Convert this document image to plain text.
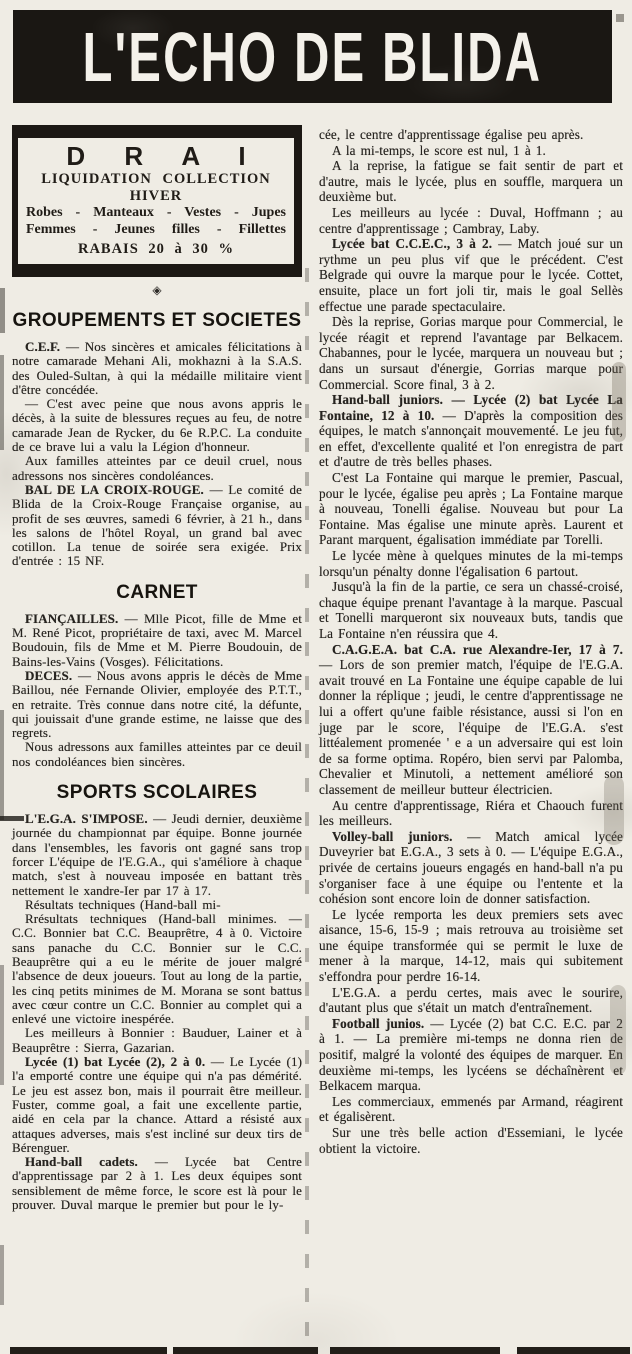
L'ECHO DE BLIDA
D R A I
LIQUIDATION COLLECTION HIVER
Robes - Manteaux - Vestes - Jupes
Femmes - Jeunes filles - Fillettes
RABAIS 20 à 30 %
◈
GROUPEMENTS ET SOCIETES

C.E.F. — Nos sincères et amicales félicitations à notre camarade Mehani Ali, mokhazni à la S.A.S. des Ouled-Sultan, à qui la médaille militaire vient d'être concédée.

— C'est avec peine que nous avons appris le décès, à la suite de blessures reçues au feu, de notre camarade Jean de Rycker, du 6e R.P.C. La conduite de ce brave lui a valu la Légion d'honneur.

Aux familles atteintes par ce deuil cruel, nous adressons nos sincères condoléances.

BAL DE LA CROIX-ROUGE. — Le comité de Blida de la Croix-Rouge Française organise, au profit de ses œuvres, samedi 6 février, à 21 h., dans les salons de l'hôtel Royal, un grand bal avec cotillon. La tenue de soirée sera exigée. Prix d'entrée : 15 NF.

CARNET

FIANÇAILLES. — Mlle Picot, fille de Mme et M. René Picot, propriétaire de taxi, avec M. Marcel Boudouin, fils de Mme et M. Pierre Boudouin, de Bains-les-Vains (Vosges). Félicitations.

DECES. — Nous avons appris le décès de Mme Baillou, née Fernande Olivier, employée des P.T.T., en retraite. Très connue dans notre cité, la défunte, qui jouissait d'une grande estime, ne laisse que des regrets.

Nous adressons aux familles atteintes par ce deuil nos condoléances bien sincères.

SPORTS SCOLAIRES

L'E.G.A. S'IMPOSE. — Jeudi dernier, deuxième journée du championnat par équipe. Bonne journée dans l'ensembles, les favoris ont gagné sans trop forcer L'équipe de l'E.G.A., qui s'améliore à chaque match, s'est à nouveau imposée en battant très nettement le xandre-Ier par 17 à 17.

Résultats techniques (Hand-ball mi-

Rrésultats techniques (Hand-ball minimes. — C.C. Bonnier bat C.C. Beauprêtre, 4 à 0. Victoire sans panache du C.C. Bonnier sur le C.C. Beauprêtre qui a eu le mérite de jouer malgré l'absence de deux joueurs. Tout au long de la partie, les cinq petits minimes de M. Morana se sont battus avec cœur contre un C.C. Bonnier au complet qui a enlevé une victoire inespérée.

Les meilleurs à Bonnier : Bauduer, Lainer et à Beauprêtre : Sierra, Gazarian.

Lycée (1) bat Lycée (2), 2 à 0. — Le Lycée (1) l'a emporté contre une équipe qui n'a pas démérité. Le jeu est assez bon, mais il pourrait être meilleur. Fuster, comme goal, a fait une excellente partie, aidé en cela par la chance. Attard a résisté aux attaques adverses, mais s'est incliné sur deux tirs de Bérenguer.

Hand-ball cadets. — Lycée bat Centre d'apprentissage par 2 à 1. Les deux équipes sont sensiblement de même force, le score est là pour le prouver. Duval marque le premier but pour le ly-

cée, le centre d'apprentissage égalise peu après.

A la mi-temps, le score est nul, 1 à 1.

A la reprise, la fatigue se fait sentir de part et d'autre, mais le lycée, plus en souffle, marquera un deuxième but.

Les meilleurs au lycée : Duval, Hoffmann ; au centre d'apprentissage ; Cambray, Laby.

Lycée bat C.C.E.C., 3 à 2. — Match joué sur un rythme un peu plus vif que le précédent. C'est Belgrade qui ouvre la marque pour le lycée. Cottet, ensuite, place un fort joli tir, mais le goal Sellès effectue une parade spectaculaire.

Dès la reprise, Gorias marque pour Commercial, le lycée réagit et reprend l'avantage par Belkacem. Chabannes, pour le lycée, marquera un nouveau but ; dans un sursaut d'énergie, Gorrias marque pour Commercial. Score final, 3 à 2.

Hand-ball juniors. — Lycée (2) bat Lycée La Fontaine, 12 à 10. — D'après la composition des équipes, le match s'annonçait mouvementé. Le jeu fut, en effet, d'excellente qualité et l'on enregistra de part et d'autre de très belles phases.

C'est La Fontaine qui marque le premier, Pascual, pour le lycée, égalise peu après ; La Fontaine marque à nouveau, Tonelli égalise. Nouveau but pour La Fontaine. Mas égalise une minute après. Laurent et Parant marquent, égalisation immédiate par Torelli.

Le lycée mène à quelques minutes de la mi-temps lorsqu'un pénalty donne l'égalisation 6 partout.

Jusqu'à la fin de la partie, ce sera un chassé-croisé, chaque équipe prenant l'avantage à la marque. Pascual et Tonelli marqueront six nouveaux buts, tandis que La Fontaine n'en réussira que 4.

C.A.G.E.A. bat C.A. rue Alexandre-Ier, 17 à 7. — Lors de son premier match, l'équipe de l'E.G.A. avait trouvé en La Fontaine une équipe capable de lui donner la réplique ; jeudi, le centre d'apprentissage ne lui a offert qu'une faible résistance, aussi si l'on en juge par le score, l'équipe de l'E.G.A. s'est littéalement promenée ' e a un adversaire qui est loin de sa forme optima. Ropéro, bien servi par Palomba, Chevalier et Minutoli, a nettement amélioré son classement de meilleur butteur électricien.

Au centre d'apprentissage, Riéra et Chaouch furent les meilleurs.

Volley-ball juniors. — Match amical lycée Duveyrier bat E.G.A., 3 sets à 0. — L'équipe E.G.A., privée de certains joueurs engagés en hand-ball n'a pu s'organiser face à une équipe ou l'entente et la cohésion sont encore loin de donner satisfaction.

Le lycée remporta les deux premiers sets avec aisance, 15-6, 15-9 ; mais retrouva au troisième set une équipe transformée qui se permit le luxe de mener à la marque, 14-12, mais qui subitement s'effondra pour perdre 16-14.

L'E.G.A. a perdu certes, mais avec le sourire, d'autant plus que s'était un match d'entraînement.

Football junios. — Lycée (2) bat C.C. E.C. par 2 à 1. — La première mi-temps ne donna rien de positif, malgré la volonté des équipes de marquer. En deuxième mi-temps, les lycéens se déchaînèrent et Belkacem marqua.

Les commerciaux, emmenés par Armand, réagirent et égalisèrent.

Sur une très belle action d'Essemiani, le lycée obtient la victoire.
